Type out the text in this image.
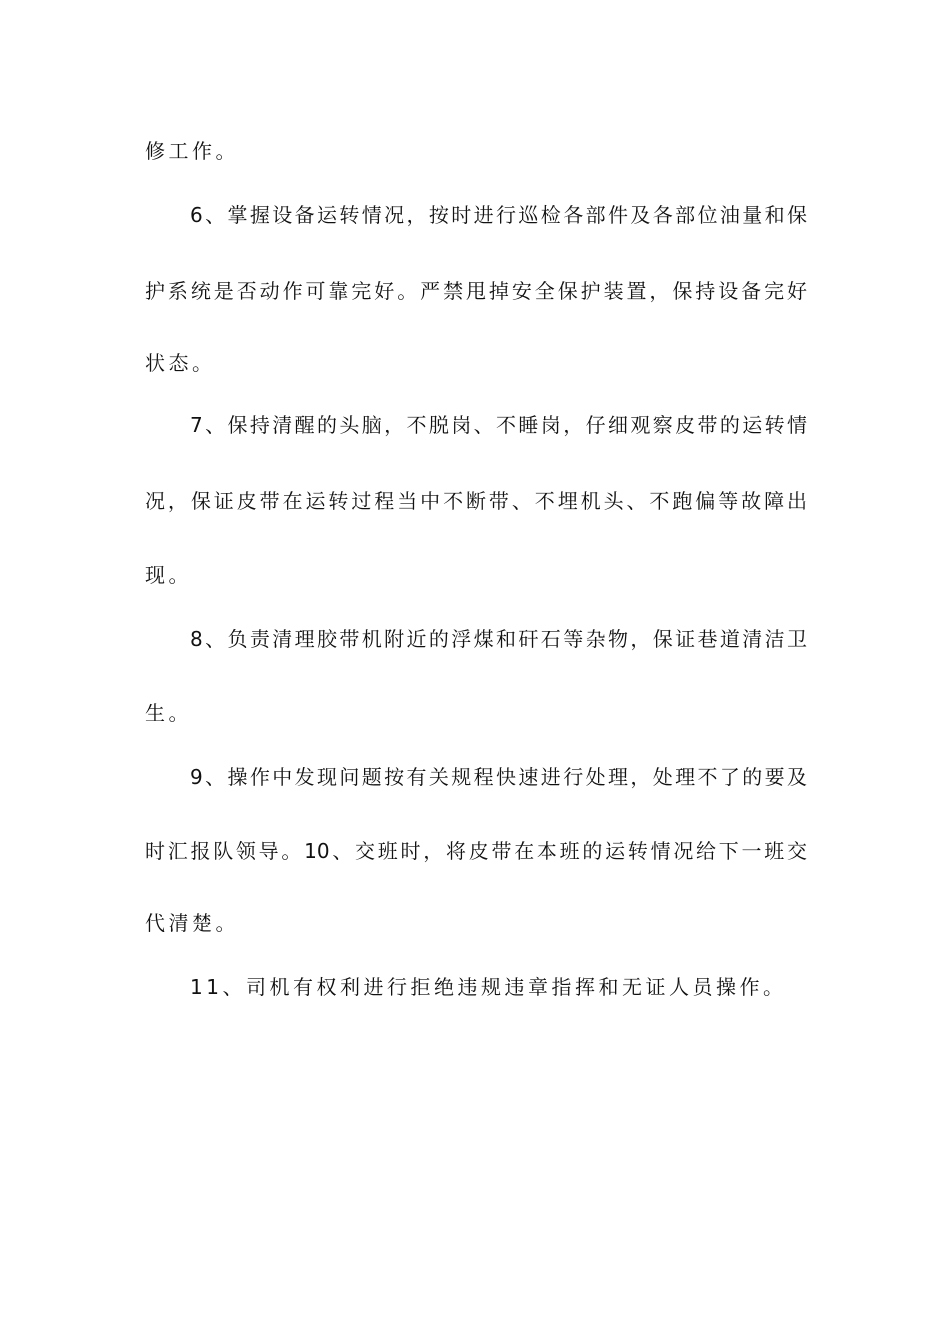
修工作。
6、掌握设备运转情况，按时进行巡检各部件及各部位油量和保
护系统是否动作可靠完好。严禁甩掉安全保护装置，保持设备完好
状态。
7、保持清醒的头脑，不脱岗、不睡岗，仔细观察皮带的运转情
况，保证皮带在运转过程当中不断带、不埋机头、不跑偏等故障出
现。
8、负责清理胶带机附近的浮煤和矸石等杂物，保证巷道清洁卫
生。
9、操作中发现问题按有关规程快速进行处理，处理不了的要及
时汇报队领导。10、交班时，将皮带在本班的运转情况给下一班交
代清楚。
11、司机有权利进行拒绝违规违章指挥和无证人员操作。
